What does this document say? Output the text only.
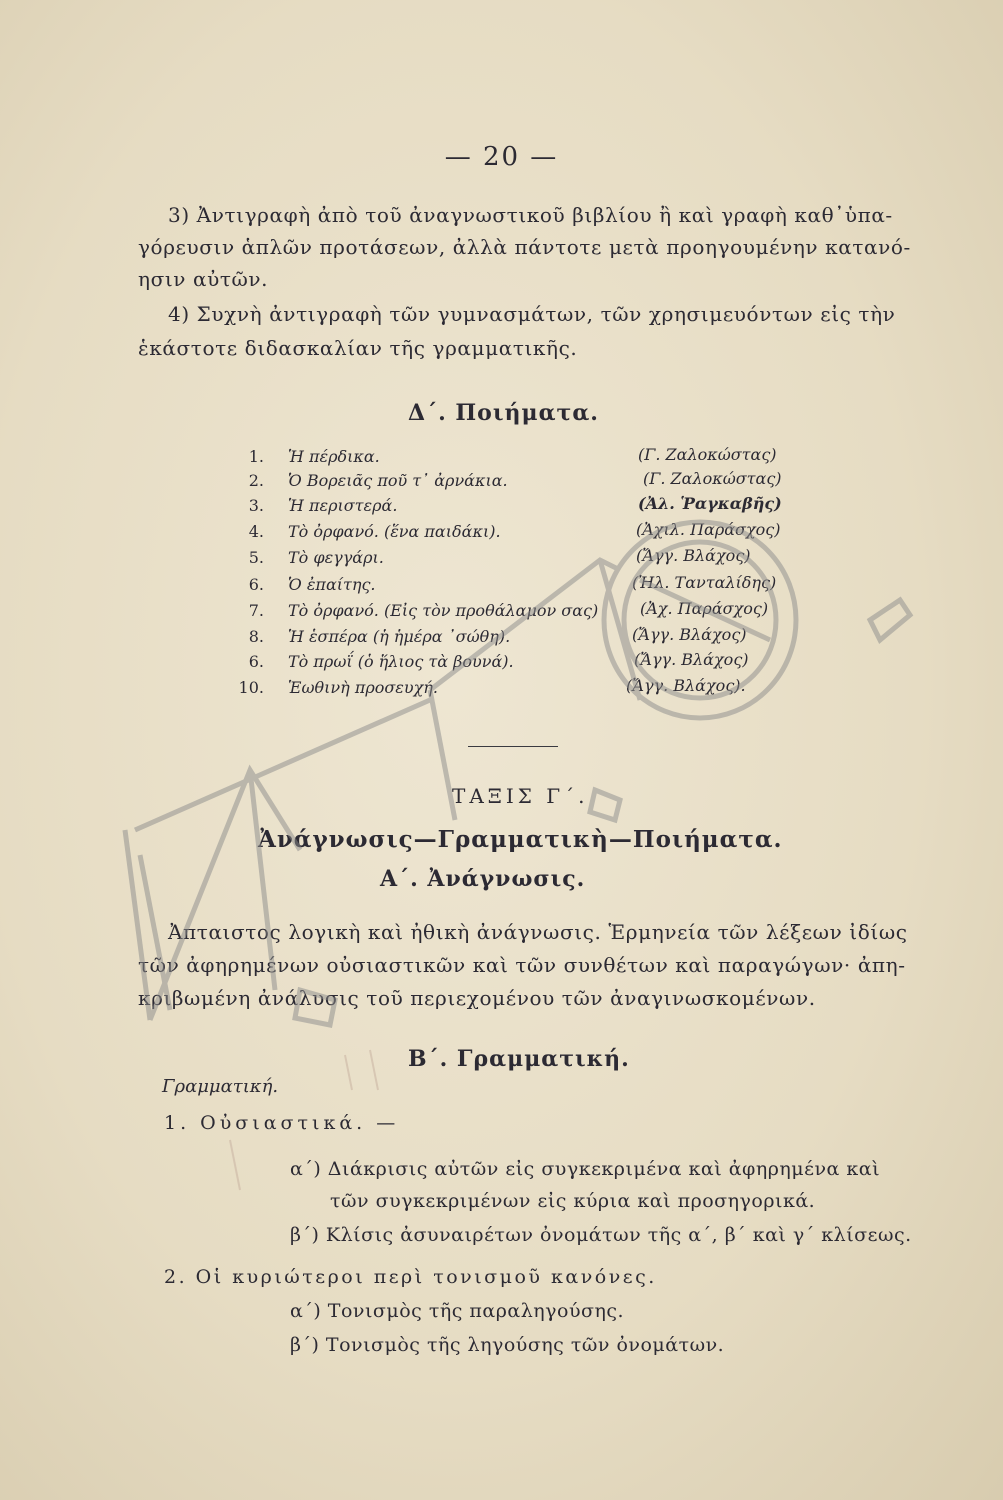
— 20 —
3) Ἀντιγραφὴ ἀπὸ τοῦ ἀναγνωστικοῦ βιβλίου ἢ καὶ γραφὴ καθ᾽ὑπα-
γόρευσιν ἁπλῶν προτάσεων, ἀλλὰ πάντοτε μετὰ προηγουμένην κατανό-
ησιν αὐτῶν.
4) Συχνὴ ἀντιγραφὴ τῶν γυμνασμάτων, τῶν χρησιμευόντων εἰς τὴν
ἑκάστοτε διδασκαλίαν τῆς γραμματικῆς.
Δ΄. Ποιήματα.
1. Ἡ πέρδικα.	(Γ. Ζαλοκώστας)
2. Ὁ Βορειᾶς ποῦ τ᾽ ἀρνάκια.	(Γ. Ζαλοκώστας)
3. Ἡ περιστερά.	(Ἀλ. Ῥαγκαβῆς)
4. Τὸ ὀρφανό. (ἕνα παιδάκι).	(Ἀχιλ. Παράσχος)
5. Τὸ φεγγάρι.	(Ἄγγ. Βλάχος)
6. Ὁ ἐπαίτης.	(Ἠλ. Τανταλίδης)
7. Τὸ ὀρφανό. (Εἰς τὸν προθάλαμον σας)	(Ἀχ. Παράσχος)
8. Ἡ ἑσπέρα (ἡ ἡμέρα ᾽σώθη).	(Ἄγγ. Βλάχος)
6. Τὸ πρωΐ (ὁ ἥλιος τὰ βουνά).	(Ἄγγ. Βλάχος)
10. Ἑωθινὴ προσευχή.	(Ἄγγ. Βλάχος).
ΤΑΞΙΣ Γ΄.
Ἀνάγνωσις—Γραμματικὴ—Ποιήματα.
Α΄. Ἀνάγνωσις.
Ἀπταιστος λογικὴ καὶ ἠθικὴ ἀνάγνωσις. Ἑρμηνεία τῶν λέξεων ἰδίως
τῶν ἀφηρημένων οὐσιαστικῶν καὶ τῶν συνθέτων καὶ παραγώγων· ἀπη-
κριβωμένη ἀνάλυσις τοῦ περιεχομένου τῶν ἀναγινωσκομένων.
Β΄. Γραμματική.
Γραμματική.
1. Οὐσιαστικά. —
α΄) Διάκρισις αὐτῶν εἰς συγκεκριμένα καὶ ἀφηρημένα καὶ
τῶν συγκεκριμένων εἰς κύρια καὶ προσηγορικά.
β΄) Κλίσις ἀσυναιρέτων ὀνομάτων τῆς α΄, β΄ καὶ γ΄ κλίσεως.
2. Οἱ κυριώτεροι περὶ τονισμοῦ κανόνες.
α΄) Τονισμὸς τῆς παραληγούσης.
β΄) Τονισμὸς τῆς ληγούσης τῶν ὀνομάτων.
Α.Π.Θ.
